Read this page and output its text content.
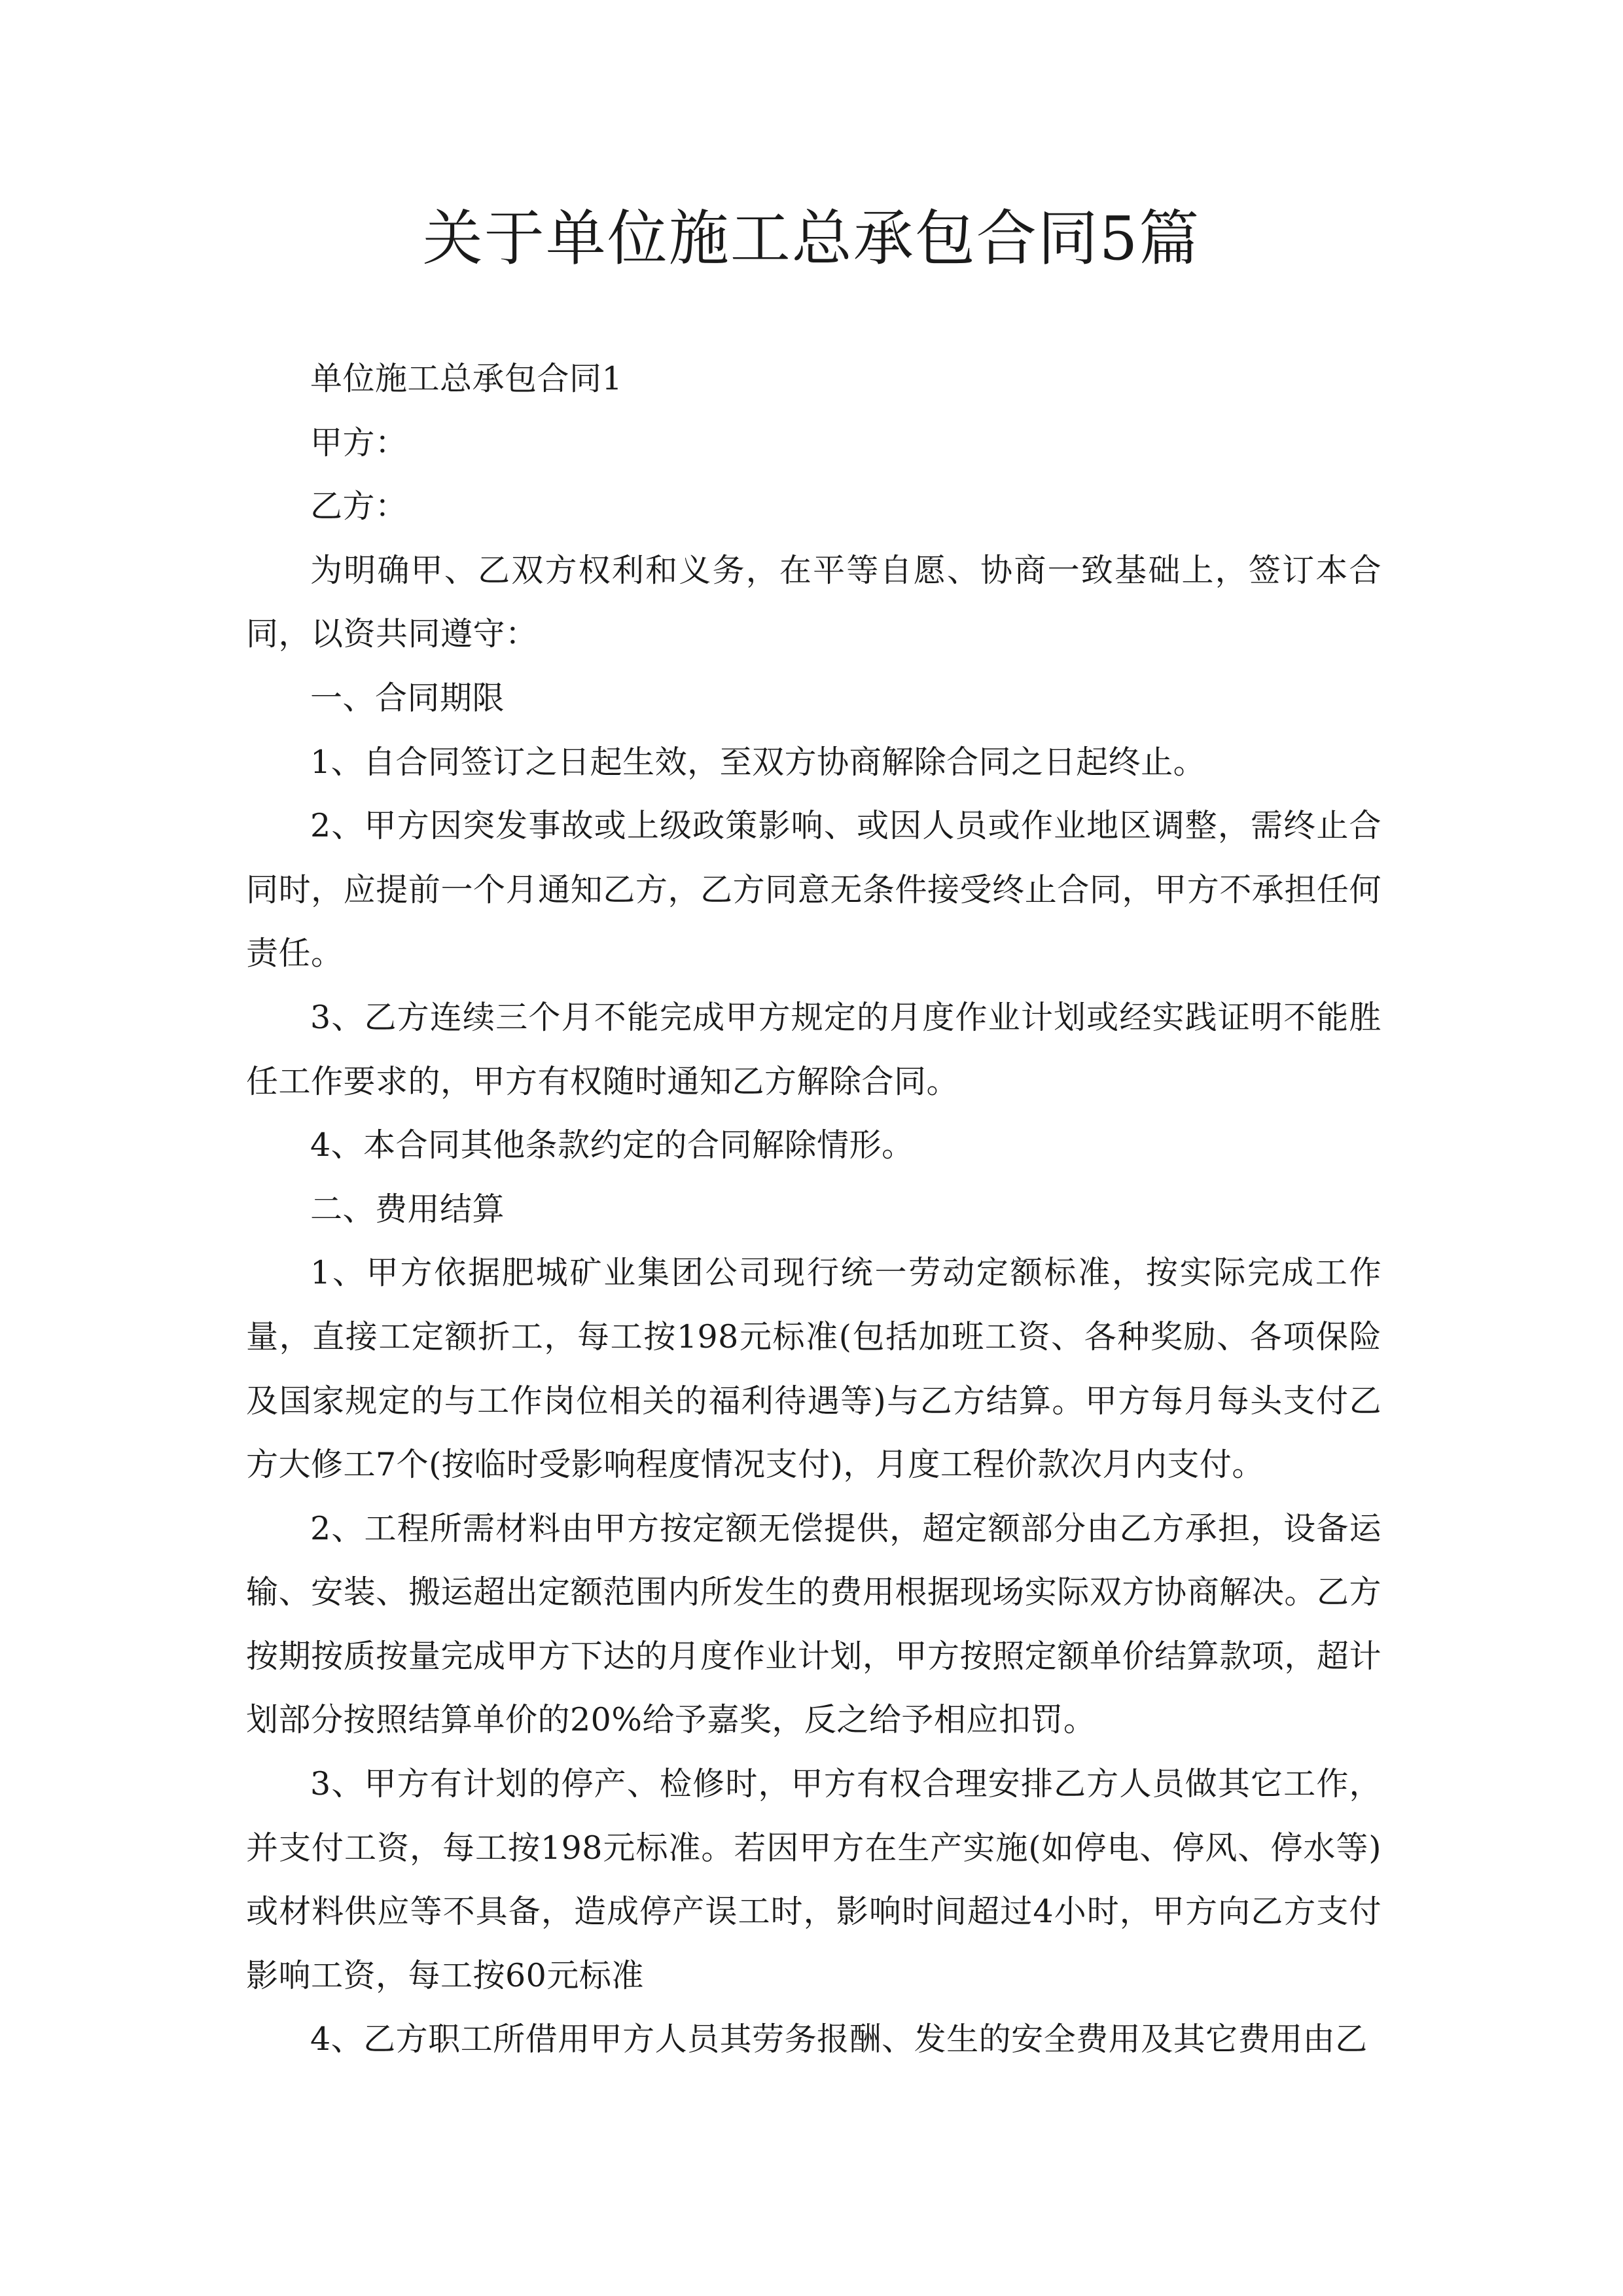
关于单位施工总承包合同5篇

单位施工总承包合同1

甲方：

乙方：

为明确甲、乙双方权利和义务，在平等自愿、协商一致基础上，签订本合同，以资共同遵守：

一、合同期限

1、自合同签订之日起生效，至双方协商解除合同之日起终止。

2、甲方因突发事故或上级政策影响、或因人员或作业地区调整，需终止合同时，应提前一个月通知乙方，乙方同意无条件接受终止合同，甲方不承担任何责任。

3、乙方连续三个月不能完成甲方规定的月度作业计划或经实践证明不能胜任工作要求的，甲方有权随时通知乙方解除合同。

4、本合同其他条款约定的合同解除情形。

二、费用结算

1、甲方依据肥城矿业集团公司现行统一劳动定额标准，按实际完成工作量，直接工定额折工，每工按198元标准(包括加班工资、各种奖励、各项保险及国家规定的与工作岗位相关的福利待遇等)与乙方结算。甲方每月每头支付乙方大修工7个(按临时受影响程度情况支付)，月度工程价款次月内支付。

2、工程所需材料由甲方按定额无偿提供，超定额部分由乙方承担，设备运输、安装、搬运超出定额范围内所发生的费用根据现场实际双方协商解决。乙方按期按质按量完成甲方下达的月度作业计划，甲方按照定额单价结算款项，超计划部分按照结算单价的20%给予嘉奖，反之给予相应扣罚。

3、甲方有计划的停产、检修时，甲方有权合理安排乙方人员做其它工作，并支付工资，每工按198元标准。若因甲方在生产实施(如停电、停风、停水等)或材料供应等不具备，造成停产误工时，影响时间超过4小时，甲方向乙方支付影响工资，每工按60元标准

4、乙方职工所借用甲方人员其劳务报酬、发生的安全费用及其它费用由乙
